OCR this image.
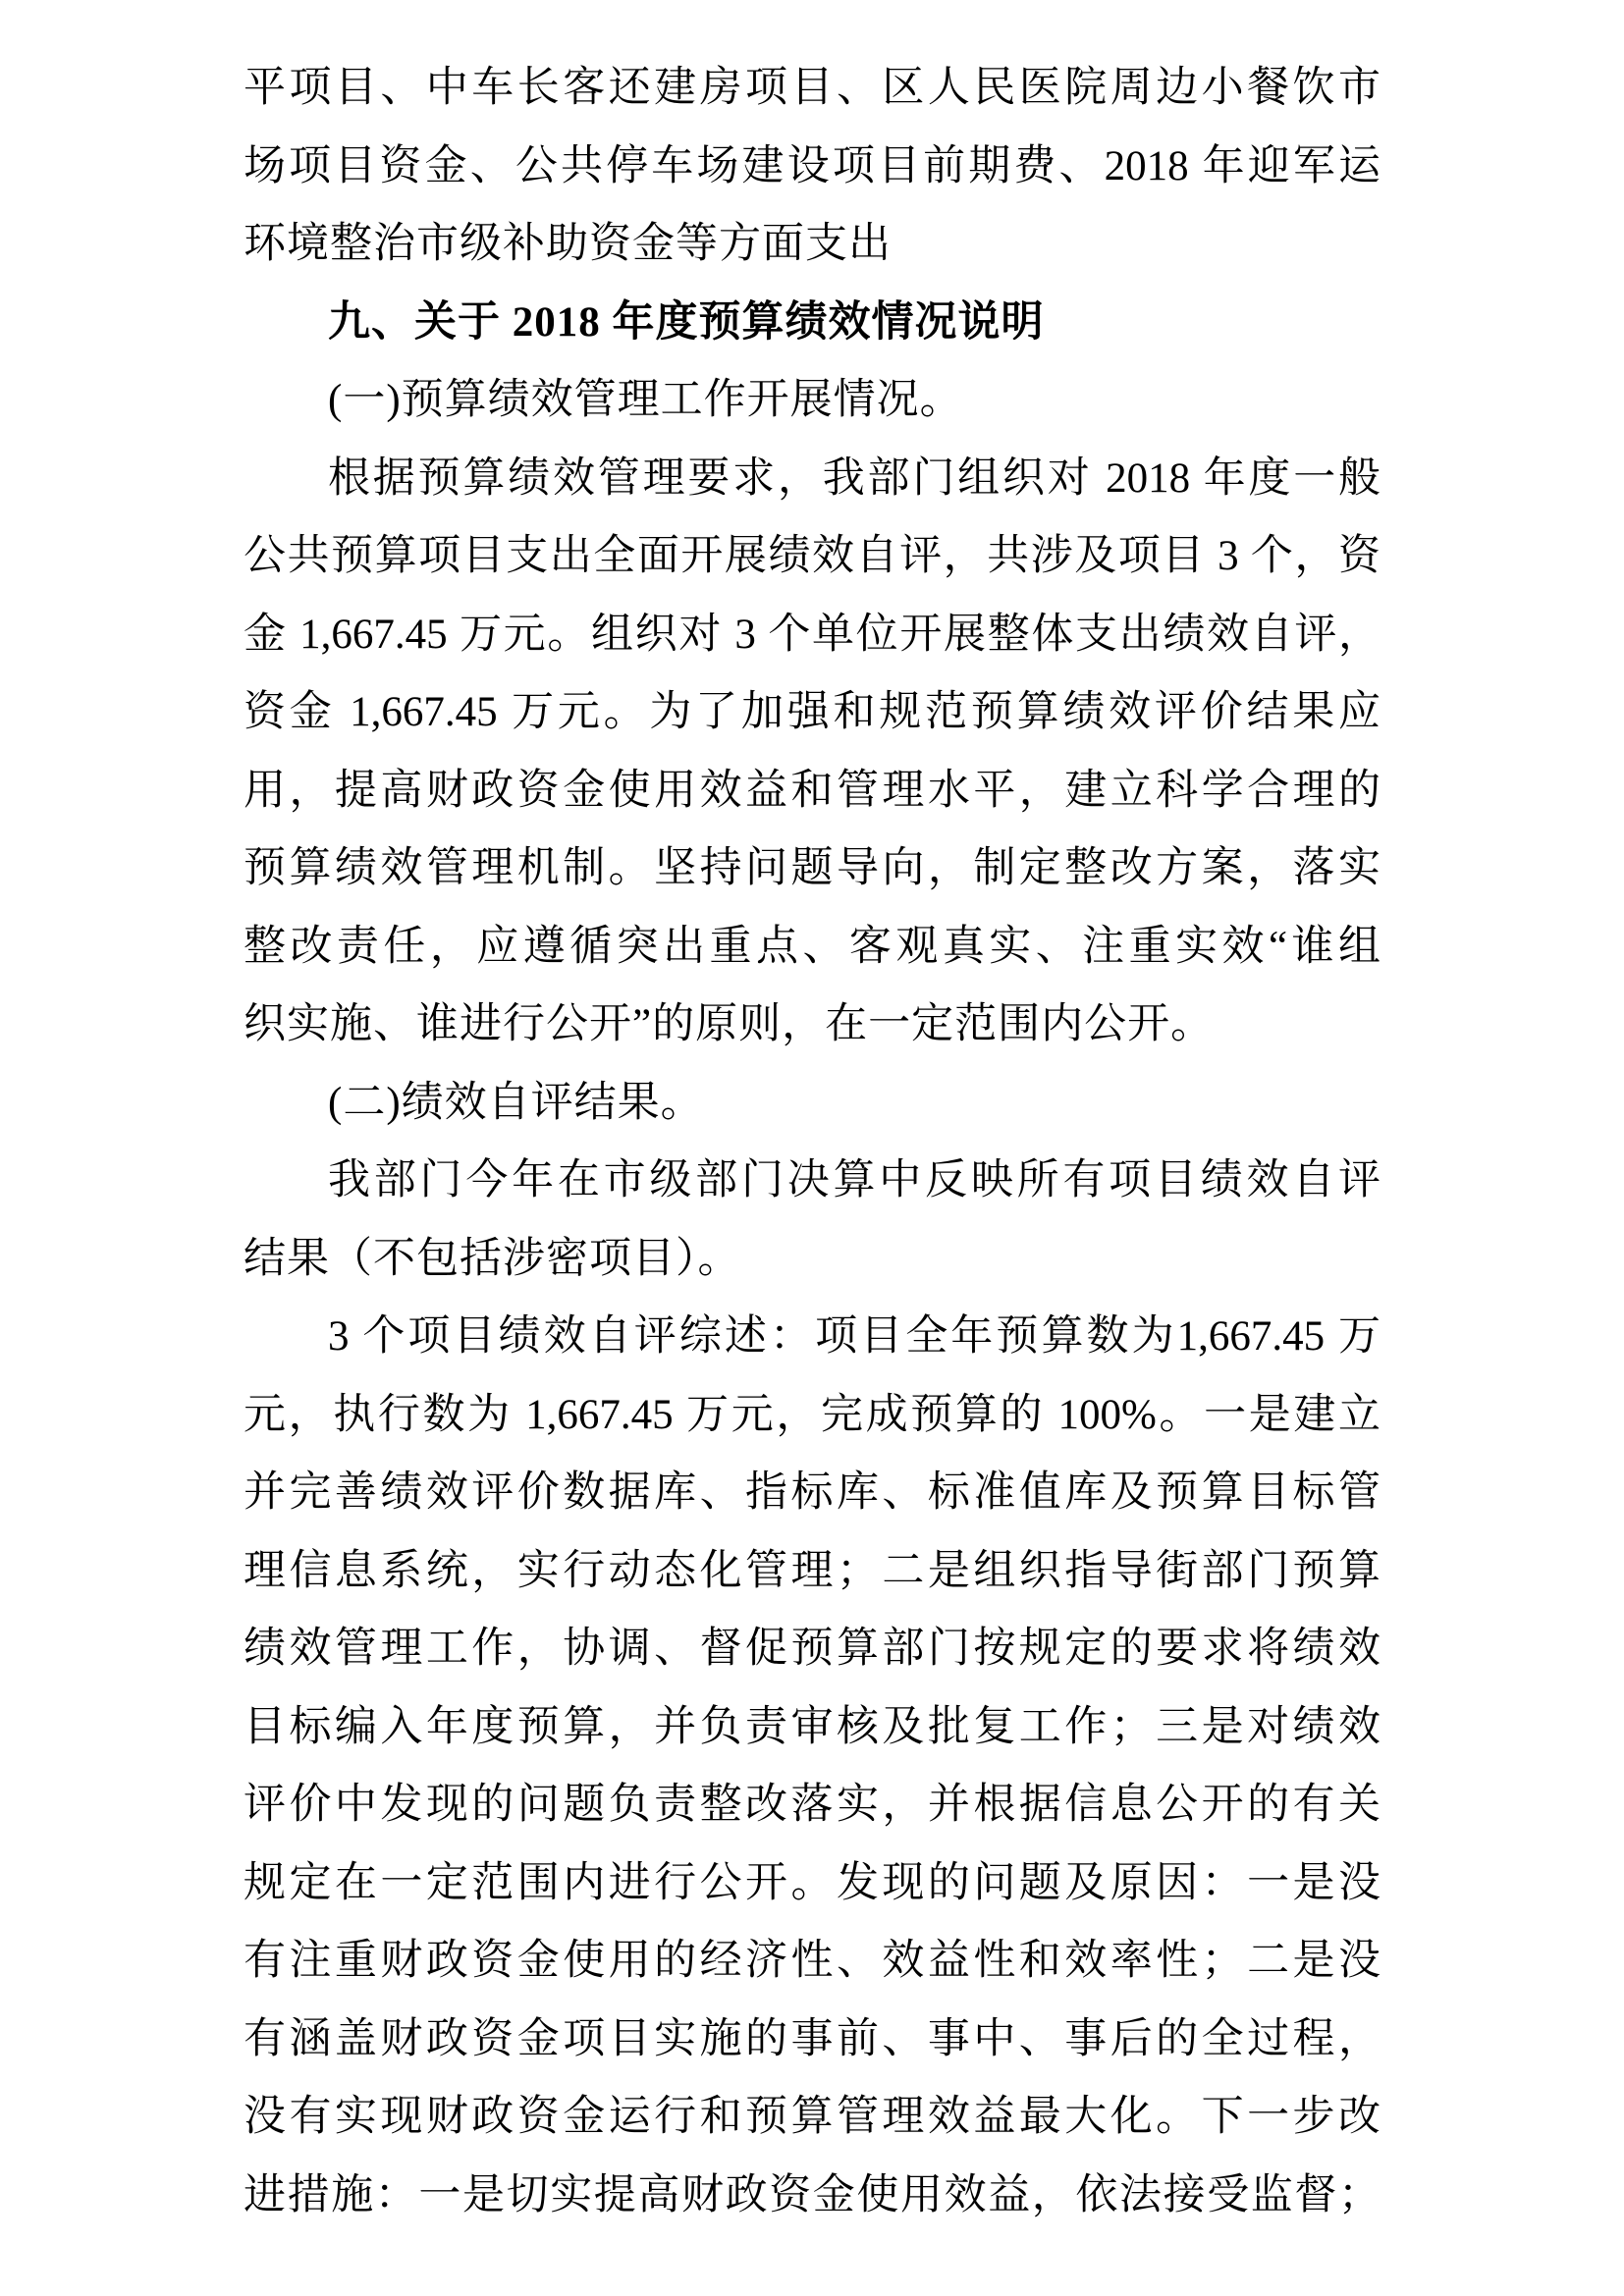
平项目、中车长客还建房项目、区人民医院周边小餐饮市
场项目资金、公共停车场建设项目前期费、2018 年迎军运
环境整治市级补助资金等方面支出
九、关于 2018 年度预算绩效情况说明
(一)预算绩效管理工作开展情况。
根据预算绩效管理要求，我部门组织对 2018 年度一般
公共预算项目支出全面开展绩效自评，共涉及项目 3 个，资
金 1,667.45 万元。组织对 3 个单位开展整体支出绩效自评，
资金 1,667.45 万元。为了加强和规范预算绩效评价结果应
用，提高财政资金使用效益和管理水平，建立科学合理的
预算绩效管理机制。坚持问题导向，制定整改方案，落实
整改责任，应遵循突出重点、客观真实、注重实效“谁组
织实施、谁进行公开”的原则，在一定范围内公开。
(二)绩效自评结果。
我部门今年在市级部门决算中反映所有项目绩效自评
结果（不包括涉密项目）。
3 个项目绩效自评综述：项目全年预算数为1,667.45 万
元，执行数为 1,667.45 万元，完成预算的 100%。一是建立
并完善绩效评价数据库、指标库、标准值库及预算目标管
理信息系统，实行动态化管理；二是组织指导街部门预算
绩效管理工作，协调、督促预算部门按规定的要求将绩效
目标编入年度预算，并负责审核及批复工作；三是对绩效
评价中发现的问题负责整改落实，并根据信息公开的有关
规定在一定范围内进行公开。发现的问题及原因：一是没
有注重财政资金使用的经济性、效益性和效率性；二是没
有涵盖财政资金项目实施的事前、事中、事后的全过程，
没有实现财政资金运行和预算管理效益最大化。下一步改
进措施：一是切实提高财政资金使用效益，依法接受监督；
